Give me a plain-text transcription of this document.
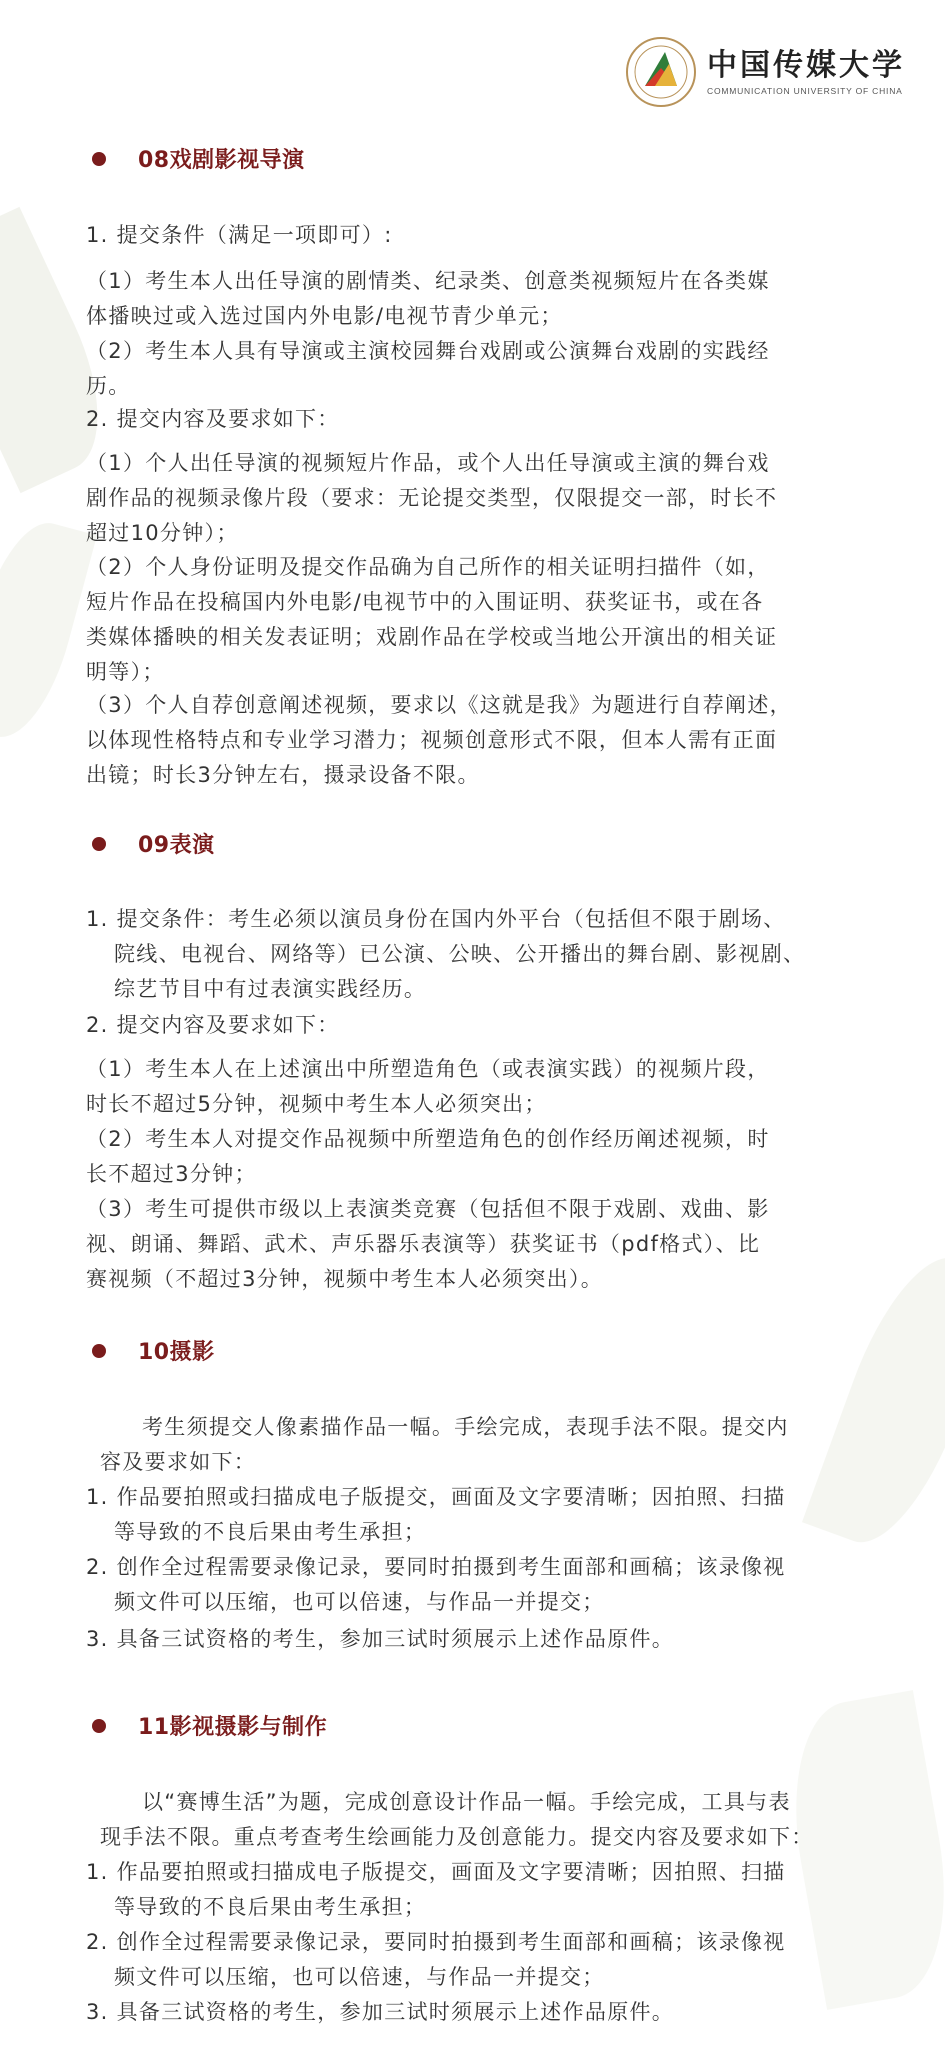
中国传媒大学
COMMUNICATION UNIVERSITY OF CHINA
08戏剧影视导演
1. 提交条件（满足一项即可）:
（1）考生本人出任导演的剧情类、纪录类、创意类视频短片在各类媒
体播映过或入选过国内外电影/电视节青少单元；
（2）考生本人具有导演或主演校园舞台戏剧或公演舞台戏剧的实践经
历。
2. 提交内容及要求如下：
（1）个人出任导演的视频短片作品，或个人出任导演或主演的舞台戏
剧作品的视频录像片段（要求：无论提交类型，仅限提交一部，时长不
超过10分钟）；
（2）个人身份证明及提交作品确为自己所作的相关证明扫描件（如，
短片作品在投稿国内外电影/电视节中的入围证明、获奖证书，或在各
类媒体播映的相关发表证明；戏剧作品在学校或当地公开演出的相关证
明等）；
（3）个人自荐创意阐述视频，要求以《这就是我》为题进行自荐阐述，
以体现性格特点和专业学习潜力；视频创意形式不限，但本人需有正面
出镜；时长3分钟左右，摄录设备不限。
09表演
1. 提交条件：考生必须以演员身份在国内外平台（包括但不限于剧场、
院线、电视台、网络等）已公演、公映、公开播出的舞台剧、影视剧、
综艺节目中有过表演实践经历。
2. 提交内容及要求如下：
（1）考生本人在上述演出中所塑造角色（或表演实践）的视频片段，
时长不超过5分钟，视频中考生本人必须突出；
（2）考生本人对提交作品视频中所塑造角色的创作经历阐述视频，时
长不超过3分钟；
（3）考生可提供市级以上表演类竞赛（包括但不限于戏剧、戏曲、影
视、朗诵、舞蹈、武术、声乐器乐表演等）获奖证书（pdf格式）、比
赛视频（不超过3分钟，视频中考生本人必须突出）。
10摄影
考生须提交人像素描作品一幅。手绘完成，表现手法不限。提交内
容及要求如下：
1. 作品要拍照或扫描成电子版提交，画面及文字要清晰；因拍照、扫描
等导致的不良后果由考生承担；
2. 创作全过程需要录像记录，要同时拍摄到考生面部和画稿；该录像视
频文件可以压缩，也可以倍速，与作品一并提交；
3. 具备三试资格的考生，参加三试时须展示上述作品原件。
11影视摄影与制作
以“赛博生活”为题，完成创意设计作品一幅。手绘完成，工具与表
现手法不限。重点考查考生绘画能力及创意能力。提交内容及要求如下：
1. 作品要拍照或扫描成电子版提交，画面及文字要清晰；因拍照、扫描
等导致的不良后果由考生承担；
2. 创作全过程需要录像记录，要同时拍摄到考生面部和画稿；该录像视
频文件可以压缩，也可以倍速，与作品一并提交；
3. 具备三试资格的考生，参加三试时须展示上述作品原件。
